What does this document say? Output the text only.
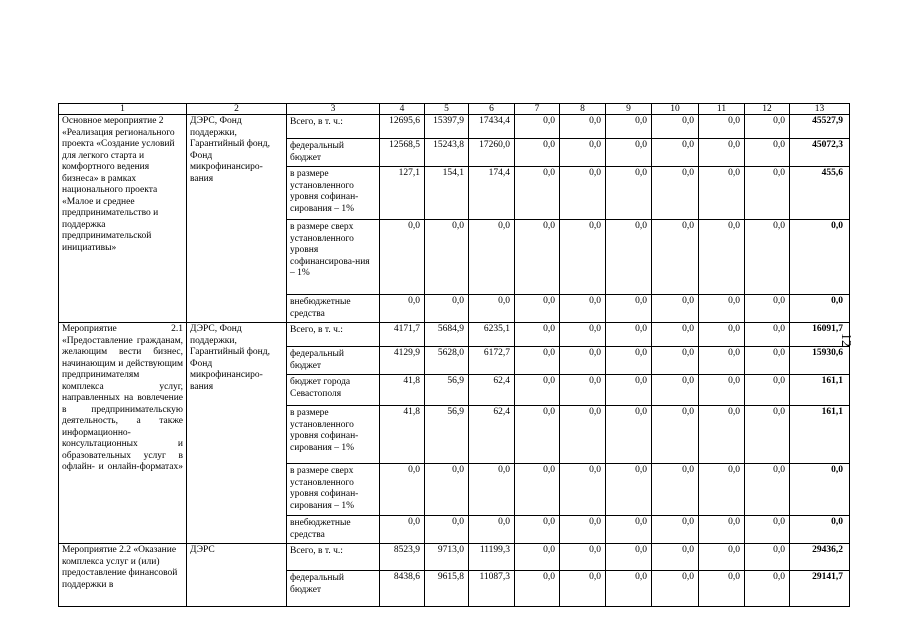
1	2	3	4	5	6	7	8	9	10	11	12	13
Основное мероприятие 2 «Реализация регионального проекта «Создание условий для легкого старта и комфортного ведения бизнеса» в рамках национального проекта «Малое и среднее предпринимательство и поддержка предпринимательской инициативы»	ДЭРС, Фонд поддержки, Гарантийный фонд, Фонд микрофинансиро-вания	Всего, в т. ч.:	12695,6	15397,9	17434,4	0,0	0,0	0,0	0,0	0,0	0,0	45527,9
		федеральный бюджет	12568,5	15243,8	17260,0	0,0	0,0	0,0	0,0	0,0	0,0	45072,3
		в размере установленного уровня софинан-сирования – 1%	127,1	154,1	174,4	0,0	0,0	0,0	0,0	0,0	0,0	455,6
		в размере сверх установленного уровня софинансирова-ния – 1%	0,0	0,0	0,0	0,0	0,0	0,0	0,0	0,0	0,0	0,0
		внебюджетные средства	0,0	0,0	0,0	0,0	0,0	0,0	0,0	0,0	0,0	0,0
Мероприятие 2.1 «Предоставление гражданам, желающим вести бизнес, начинающим и действующим предпринимателям комплекса услуг, направленных на вовлечение в предпринимательскую деятельность, а также информационно-консультационных и образовательных услуг в офлайн- и онлайн-форматах»	ДЭРС, Фонд поддержки, Гарантийный фонд, Фонд микрофинансиро-вания	Всего, в т. ч.:	4171,7	5684,9	6235,1	0,0	0,0	0,0	0,0	0,0	0,0	16091,7
		федеральный бюджет	4129,9	5628,0	6172,7	0,0	0,0	0,0	0,0	0,0	0,0	15930,6
		бюджет города Севастополя	41,8	56,9	62,4	0,0	0,0	0,0	0,0	0,0	0,0	161,1
		в размере установленного уровня софинан-сирования – 1%	41,8	56,9	62,4	0,0	0,0	0,0	0,0	0,0	0,0	161,1
		в размере сверх установленного уровня софинан-сирования – 1%	0,0	0,0	0,0	0,0	0,0	0,0	0,0	0,0	0,0	0,0
		внебюджетные средства	0,0	0,0	0,0	0,0	0,0	0,0	0,0	0,0	0,0	0,0
Мероприятие 2.2 «Оказание комплекса услуг и (или) предоставление финансовой поддержки в	ДЭРС	Всего, в т. ч.:	8523,9	9713,0	11199,3	0,0	0,0	0,0	0,0	0,0	0,0	29436,2
		федеральный бюджет	8438,6	9615,8	11087,3	0,0	0,0	0,0	0,0	0,0	0,0	29141,7
12
